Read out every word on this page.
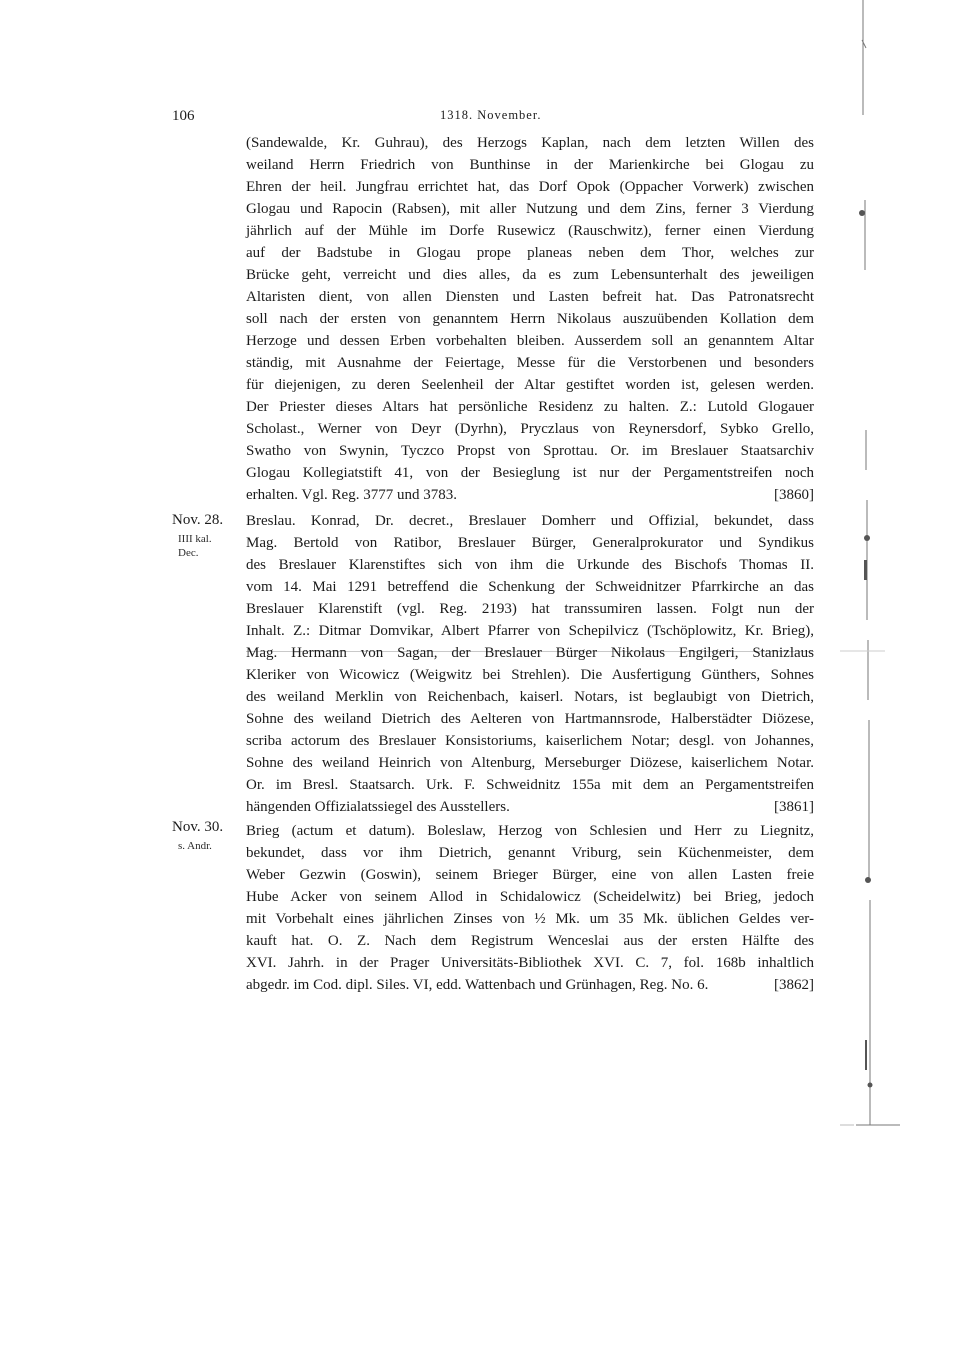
106	1318. November.
Nov. 28.
IIII kal.
Dec.
Nov. 30.
s. Andr.
(Sandewalde, Kr. Guhrau), des Herzogs Kaplan, nach dem letzten Willen des
weiland Herrn Friedrich von Bunthinse in der Marienkirche bei Glogau zu
Ehren der heil. Jungfrau errichtet hat, das Dorf Opok (Oppacher Vorwerk) zwischen
Glogau und Rapocin (Rabsen), mit aller Nutzung und dem Zins, ferner 3 Vierdung
jährlich auf der Mühle im Dorfe Rusewicz (Rauschwitz), ferner einen Vierdung
auf der Badstube in Glogau prope planeas neben dem Thor, welches zur
Brücke geht, verreicht und dies alles, da es zum Lebensunterhalt des jeweiligen
Altaristen dient, von allen Diensten und Lasten befreit hat. Das Patronatsrecht
soll nach der ersten von genanntem Herrn Nikolaus auszuübenden Kollation dem
Herzoge und dessen Erben vorbehalten bleiben. Ausserdem soll an genanntem Altar
ständig, mit Ausnahme der Feiertage, Messe für die Verstorbenen und besonders
für diejenigen, zu deren Seelenheil der Altar gestiftet worden ist, gelesen werden.
Der Priester dieses Altars hat persönliche Residenz zu halten. Z.: Lutold Glogauer
Scholast., Werner von Deyr (Dyrhn), Pryczlaus von Reynersdorf, Sybko Grello,
Swatho von Swynin, Tyczco Propst von Sprottau. Or. im Breslauer Staatsarchiv
Glogau Kollegiatstift 41, von der Besieglung ist nur der Pergamentstreifen noch
erhalten. Vgl. Reg. 3777 und 3783.	[3860]
Breslau. Konrad, Dr. decret., Breslauer Domherr und Offizial, bekundet, dass
Mag. Bertold von Ratibor, Breslauer Bürger, Generalprokurator und Syndikus
des Breslauer Klarenstiftes sich von ihm die Urkunde des Bischofs Thomas II.
vom 14. Mai 1291 betreffend die Schenkung der Schweidnitzer Pfarrkirche an das
Breslauer Klarenstift (vgl. Reg. 2193) hat transsumiren lassen. Folgt nun der
Inhalt. Z.: Ditmar Domvikar, Albert Pfarrer von Schepilvicz (Tschöplowitz, Kr. Brieg),
Mag. Hermann von Sagan, der Breslauer Bürger Nikolaus Engilgeri, Stanizlaus
Kleriker von Wicowicz (Weigwitz bei Strehlen). Die Ausfertigung Günthers, Sohnes
des weiland Merklin von Reichenbach, kaiserl. Notars, ist beglaubigt von Dietrich,
Sohne des weiland Dietrich des Aelteren von Hartmannsrode, Halberstädter Diözese,
scriba actorum des Breslauer Konsistoriums, kaiserlichem Notar; desgl. von Johannes,
Sohne des weiland Heinrich von Altenburg, Merseburger Diözese, kaiserlichem Notar.
Or. im Bresl. Staatsarch. Urk. F. Schweidnitz 155a mit dem an Pergamentstreifen
hängenden Offizialatssiegel des Ausstellers.	[3861]
Brieg (actum et datum). Boleslaw, Herzog von Schlesien und Herr zu Liegnitz,
bekundet, dass vor ihm Dietrich, genannt Vriburg, sein Küchenmeister, dem
Weber Gezwin (Goswin), seinem Brieger Bürger, eine von allen Lasten freie
Hube Acker von seinem Allod in Schidalowicz (Scheidelwitz) bei Brieg, jedoch
mit Vorbehalt eines jährlichen Zinses von ½ Mk. um 35 Mk. üblichen Geldes ver-
kauft hat. O. Z. Nach dem Registrum Wenceslai aus der ersten Hälfte des
XVI. Jahrh. in der Prager Universitäts-Bibliothek XVI. C. 7, fol. 168b inhaltlich
abgedr. im Cod. dipl. Siles. VI, edd. Wattenbach und Grünhagen, Reg. No. 6.	[3862]
